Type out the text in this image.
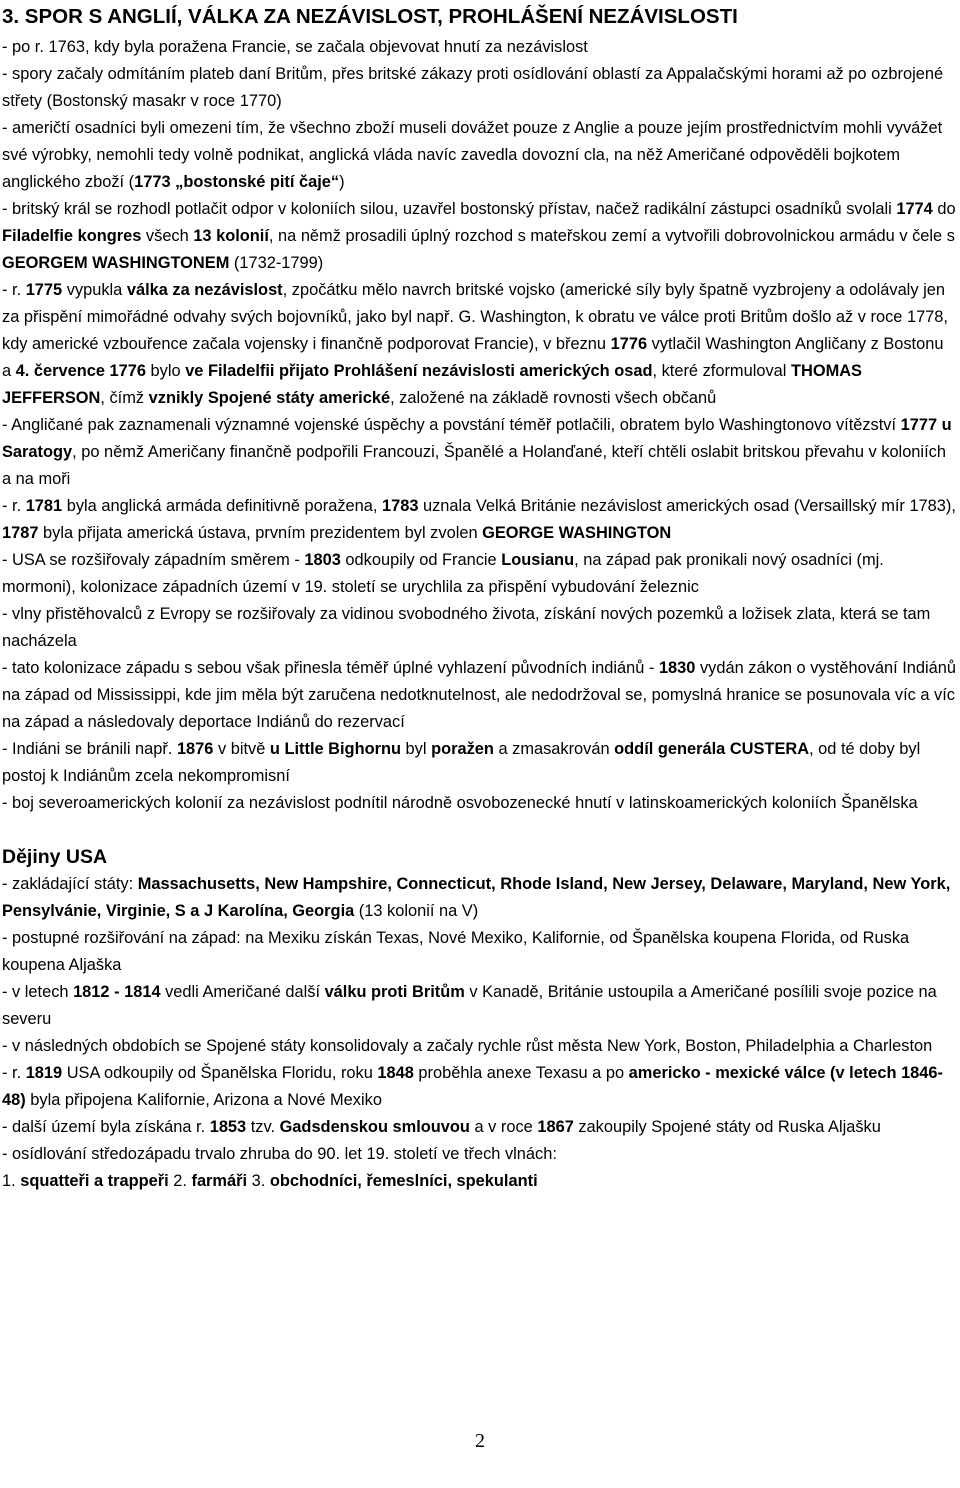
3. SPOR S ANGLIÍ, VÁLKA ZA NEZÁVISLOST, PROHLÁŠENÍ NEZÁVISLOSTI

- po r. 1763, kdy byla poražena Francie, se začala objevovat hnutí za nezávislost

- spory začaly odmítáním plateb daní Britům, přes britské zákazy proti osídlování oblastí za Appalačskými horami až po ozbrojené střety (Bostonský masakr v roce 1770)

- američtí osadníci byli omezeni tím, že všechno zboží museli dovážet pouze z Anglie a pouze jejím prostřednictvím mohli vyvážet své výrobky, nemohli tedy volně podnikat, anglická vláda navíc zavedla dovozní cla, na něž Američané odpověděli bojkotem anglického zboží (1773 „bostonské pití čaje“)

- britský král se rozhodl potlačit odpor v koloniích silou, uzavřel bostonský přístav, načež radikální zástupci osadníků svolali 1774 do Filadelfie kongres všech 13 kolonií, na němž prosadili úplný rozchod s mateřskou zemí a vytvořili dobrovolnickou armádu v čele s GEORGEM WASHINGTONEM (1732-1799)

- r. 1775 vypukla válka za nezávislost, zpočátku mělo navrch britské vojsko (americké síly byly špatně vyzbrojeny a odolávaly jen za přispění mimořádné odvahy svých bojovníků, jako byl např. G. Washington, k obratu ve válce proti Britům došlo až v roce 1778, kdy americké vzbouřence začala vojensky i finančně podporovat Francie), v březnu 1776 vytlačil Washington Angličany z Bostonu a 4. července 1776 bylo ve Filadelfii přijato Prohlášení nezávislosti amerických osad, které zformuloval THOMAS JEFFERSON, čímž vznikly Spojené státy americké, založené na základě rovnosti všech občanů

- Angličané pak zaznamenali významné vojenské úspěchy a povstání téměř potlačili, obratem bylo Washingtonovo vítězství 1777 u Saratogy, po němž Američany finančně podpořili Francouzi, Španělé a Holanďané, kteří chtěli oslabit britskou převahu v koloniích a na moři

- r. 1781 byla anglická armáda definitivně poražena, 1783 uznala Velká Británie nezávislost amerických osad (Versaillský mír 1783), 1787 byla přijata americká ústava, prvním prezidentem byl zvolen GEORGE WASHINGTON

- USA se rozšiřovaly západním směrem - 1803 odkoupily od Francie Lousianu, na západ pak pronikali nový osadníci (mj. mormoni), kolonizace západních území v 19. století se urychlila za přispění vybudování železnic

- vlny přistěhovalců z Evropy se rozšiřovaly za vidinou svobodného života, získání nových pozemků a ložisek zlata, která se tam nacházela

- tato kolonizace západu s sebou však přinesla téměř úplné vyhlazení původních indiánů - 1830 vydán zákon o vystěhování Indiánů na západ od Mississippi, kde jim měla být zaručena nedotknutelnost, ale nedodržoval se, pomyslná hranice se posunovala víc a víc na západ a následovaly deportace Indiánů do rezervací

- Indiáni se bránili např. 1876 v bitvě u Little Bighornu byl poražen a zmasakrován oddíl generála CUSTERA, od té doby byl postoj k Indiánům zcela nekompromisní

- boj severoamerických kolonií za nezávislost podnítil národně osvobozenecké hnutí v latinskoamerických koloniích Španělska

Dějiny USA

- zakládající státy: Massachusetts, New Hampshire, Connecticut, Rhode Island, New Jersey, Delaware, Maryland, New York, Pensylvánie, Virginie, S a J Karolína, Georgia (13 kolonií na V)

- postupné rozšiřování na západ: na Mexiku získán Texas, Nové Mexiko, Kalifornie, od Španělska koupena Florida, od Ruska koupena Aljaška

- v letech 1812 - 1814 vedli Američané další válku proti Britům v Kanadě, Británie ustoupila a Američané posílili svoje pozice na severu

- v následných obdobích se Spojené státy konsolidovaly a začaly rychle růst města New York, Boston, Philadelphia a Charleston

- r. 1819 USA odkoupily od Španělska Floridu, roku 1848 proběhla anexe Texasu a po americko - mexické válce (v letech 1846-48) byla připojena Kalifornie, Arizona a Nové Mexiko

- další území byla získána r. 1853 tzv. Gadsdenskou smlouvou a v roce 1867 zakoupily Spojené státy od Ruska Aljašku

- osídlování středozápadu trvalo zhruba do 90. let 19. století ve třech vlnách:

1. squatteři a trappeři 2. farmáři 3. obchodníci, řemeslníci, spekulanti

2
